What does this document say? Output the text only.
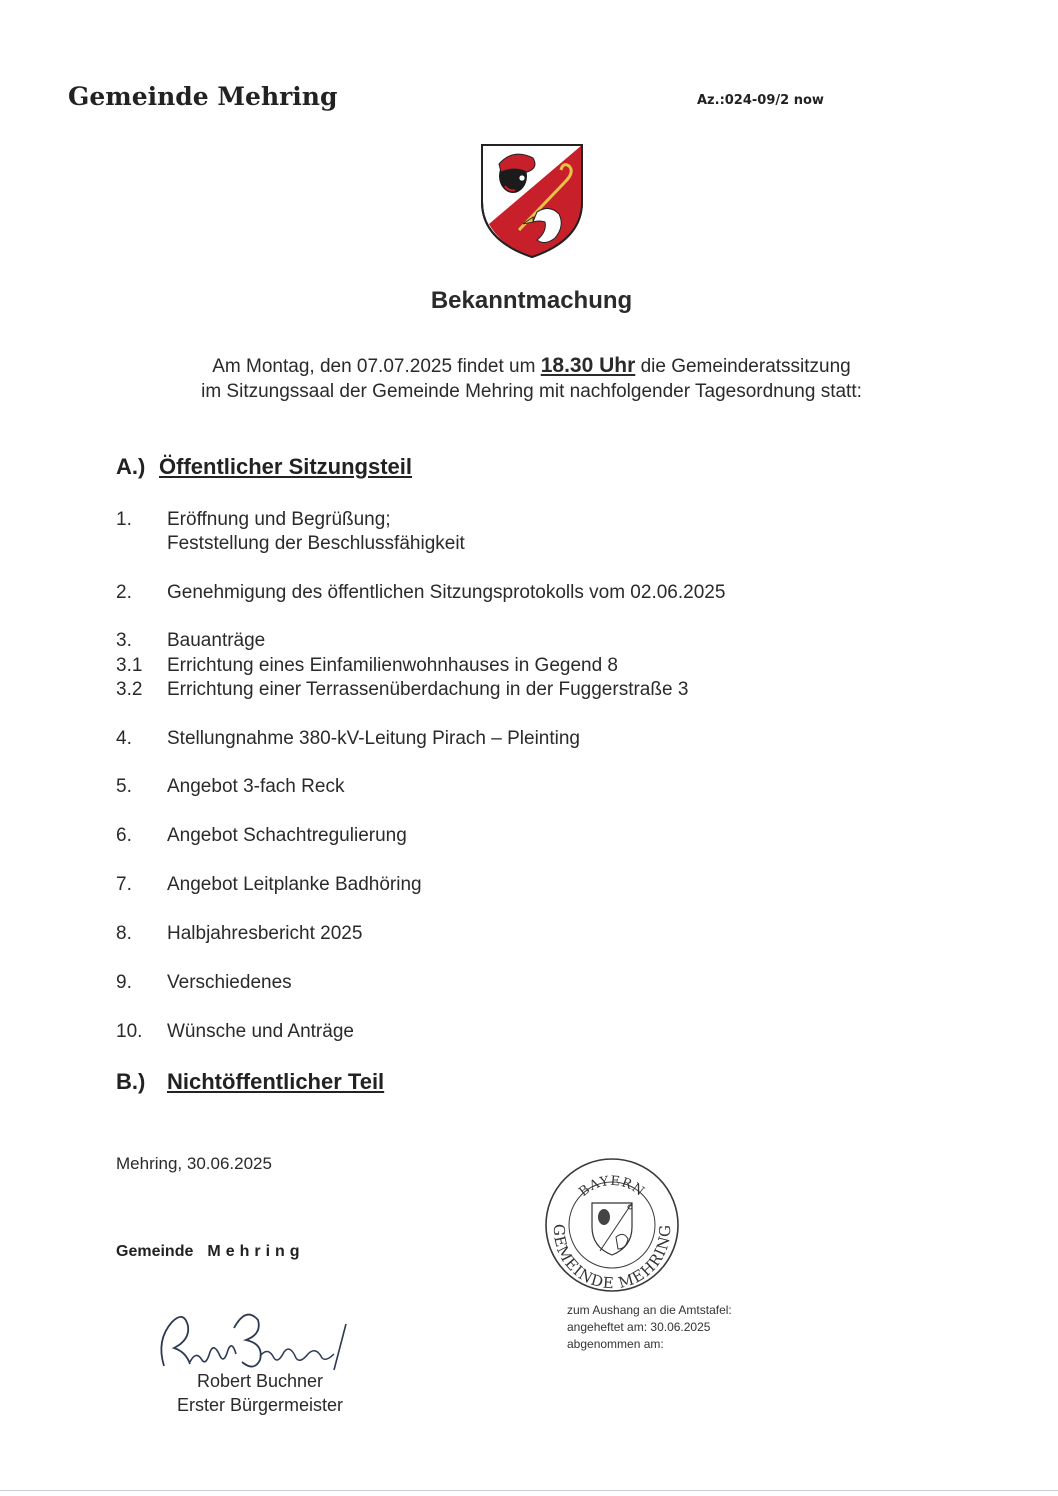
Gemeinde Mehring	Az.:024-09/2 now
Bekanntmachung
Am Montag, den 07.07.2025 findet um 18.30 Uhr die Gemeinderatssitzung
im Sitzungssaal der Gemeinde Mehring mit nachfolgender Tagesordnung statt:
A.) Öffentlicher Sitzungsteil
1. Eröffnung und Begrüßung;
Feststellung der Beschlussfähigkeit
2. Genehmigung des öffentlichen Sitzungsprotokolls vom 02.06.2025
3. Bauanträge
3.1 Errichtung eines Einfamilienwohnhauses in Gegend 8
3.2 Errichtung einer Terrassenüberdachung in der Fuggerstraße 3
4. Stellungnahme 380-kV-Leitung Pirach – Pleinting
5. Angebot 3-fach Reck
6. Angebot Schachtregulierung
7. Angebot Leitplanke Badhöring
8. Halbjahresbericht 2025
9. Verschiedenes
10. Wünsche und Anträge
B.) Nichtöffentlicher Teil
Mehring, 30.06.2025
Gemeinde Mehring
BAYERN
GEMEINDE MEHRING
Robert Buchner
Erster Bürgermeister
zum Aushang an die Amtstafel:
angeheftet am: 30.06.2025
abgenommen am:
